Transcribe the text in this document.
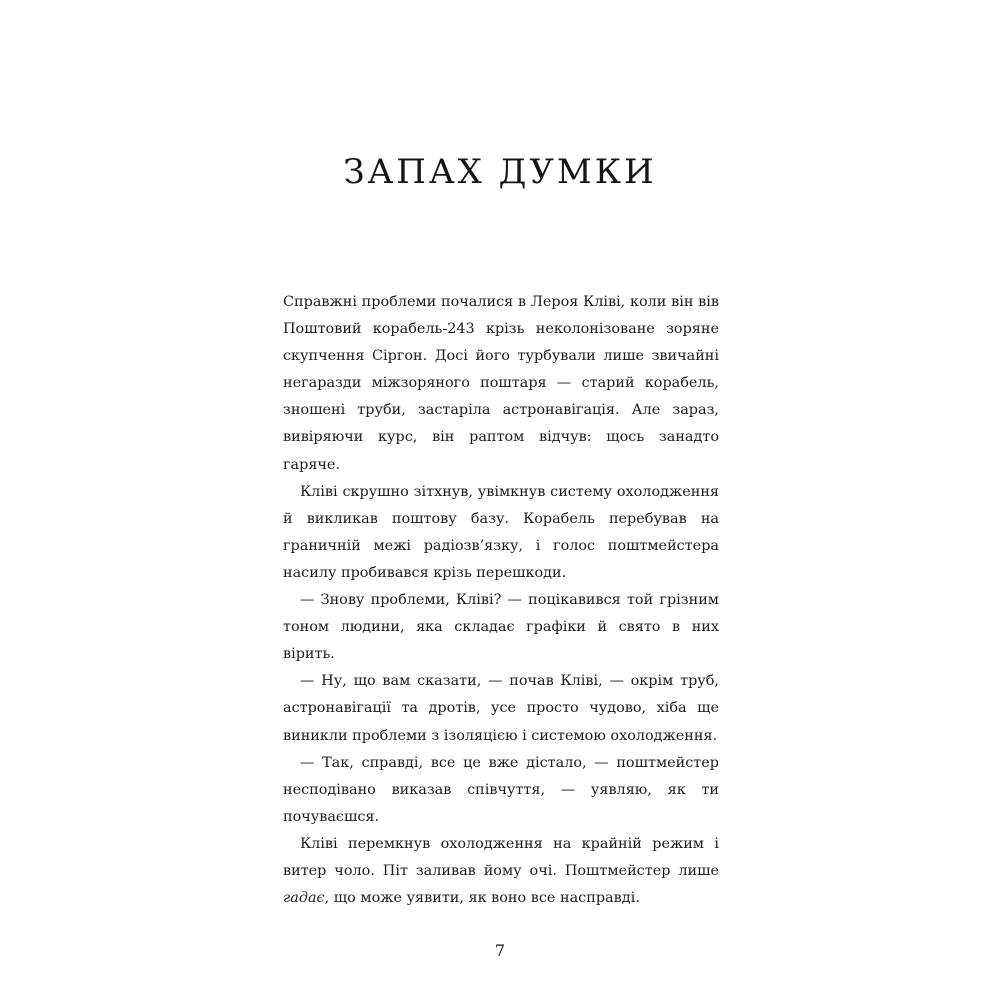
ЗАПАХ ДУМКИ

Справжні проблеми почалися в Лероя Кліві, коли він вів Поштовий корабель-243 крізь неколонізоване зоряне скупчення Сіргон. Досі його турбували лише звичайні негаразди міжзоряного поштаря — старий корабель, зношені труби, застаріла астронавігація. Але зараз, вивіряючи курс, він раптом відчув: щось занадто гаряче.

Кліві скрушно зітхнув, увімкнув систему охолодження й викликав поштову базу. Корабель перебував на граничній межі радіозв’язку, і голос поштмейстера насилу пробивався крізь перешкоди.

— Знову проблеми, Кліві? — поцікавився той грізним тоном людини, яка складає графіки й свято в них вірить.

— Ну, що вам сказати, — почав Кліві, — окрім труб, астронавігації та дротів, усе просто чудово, хіба ще виникли проблеми з ізоляцією і системою охолодження.

— Так, справді, все це вже дістало, — поштмейстер несподівано виказав співчуття, — уявляю, як ти почуваєшся.

Кліві перемкнув охолодження на крайній режим і витер чоло. Піт заливав йому очі. Поштмейстер лише гадає, що може уявити, як воно все насправді.

7
